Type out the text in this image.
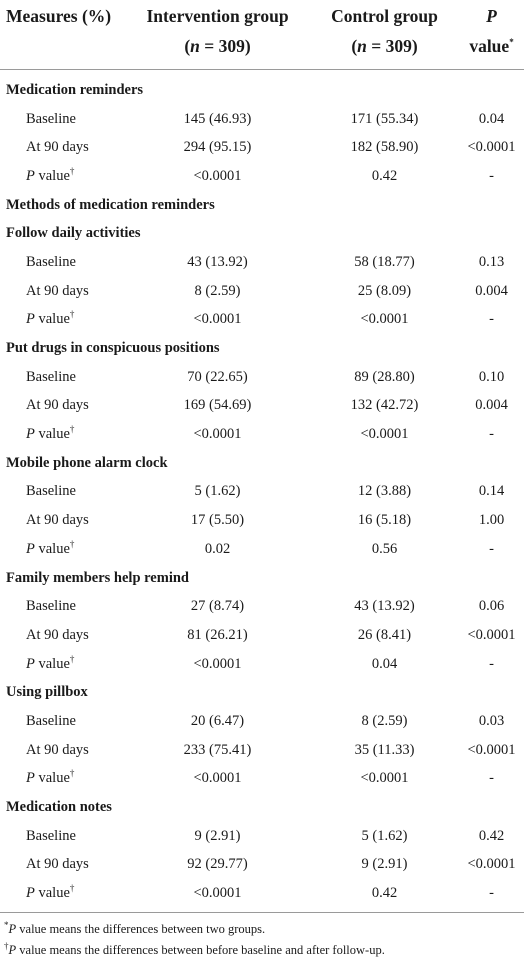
Measures (%)	Intervention group	Control group	P
	(n = 309)	(n = 309)	value*
Medication reminders			
Baseline	145 (46.93)	171 (55.34)	0.04
At 90 days	294 (95.15)	182 (58.90)	<0.0001
P value†	<0.0001	0.42	-
Methods of medication reminders			
Follow daily activities			
Baseline	43 (13.92)	58 (18.77)	0.13
At 90 days	8 (2.59)	25 (8.09)	0.004
P value†	<0.0001	<0.0001	-
Put drugs in conspicuous positions			
Baseline	70 (22.65)	89 (28.80)	0.10
At 90 days	169 (54.69)	132 (42.72)	0.004
P value†	<0.0001	<0.0001	-
Mobile phone alarm clock			
Baseline	5 (1.62)	12 (3.88)	0.14
At 90 days	17 (5.50)	16 (5.18)	1.00
P value†	0.02	0.56	-
Family members help remind			
Baseline	27 (8.74)	43 (13.92)	0.06
At 90 days	81 (26.21)	26 (8.41)	<0.0001
P value†	<0.0001	0.04	-
Using pillbox			
Baseline	20 (6.47)	8 (2.59)	0.03
At 90 days	233 (75.41)	35 (11.33)	<0.0001
P value†	<0.0001	<0.0001	-
Medication notes			
Baseline	9 (2.91)	5 (1.62)	0.42
At 90 days	92 (29.77)	9 (2.91)	<0.0001
P value†	<0.0001	0.42	-
*P value means the differences between two groups.
†P value means the differences between before baseline and after follow-up.
